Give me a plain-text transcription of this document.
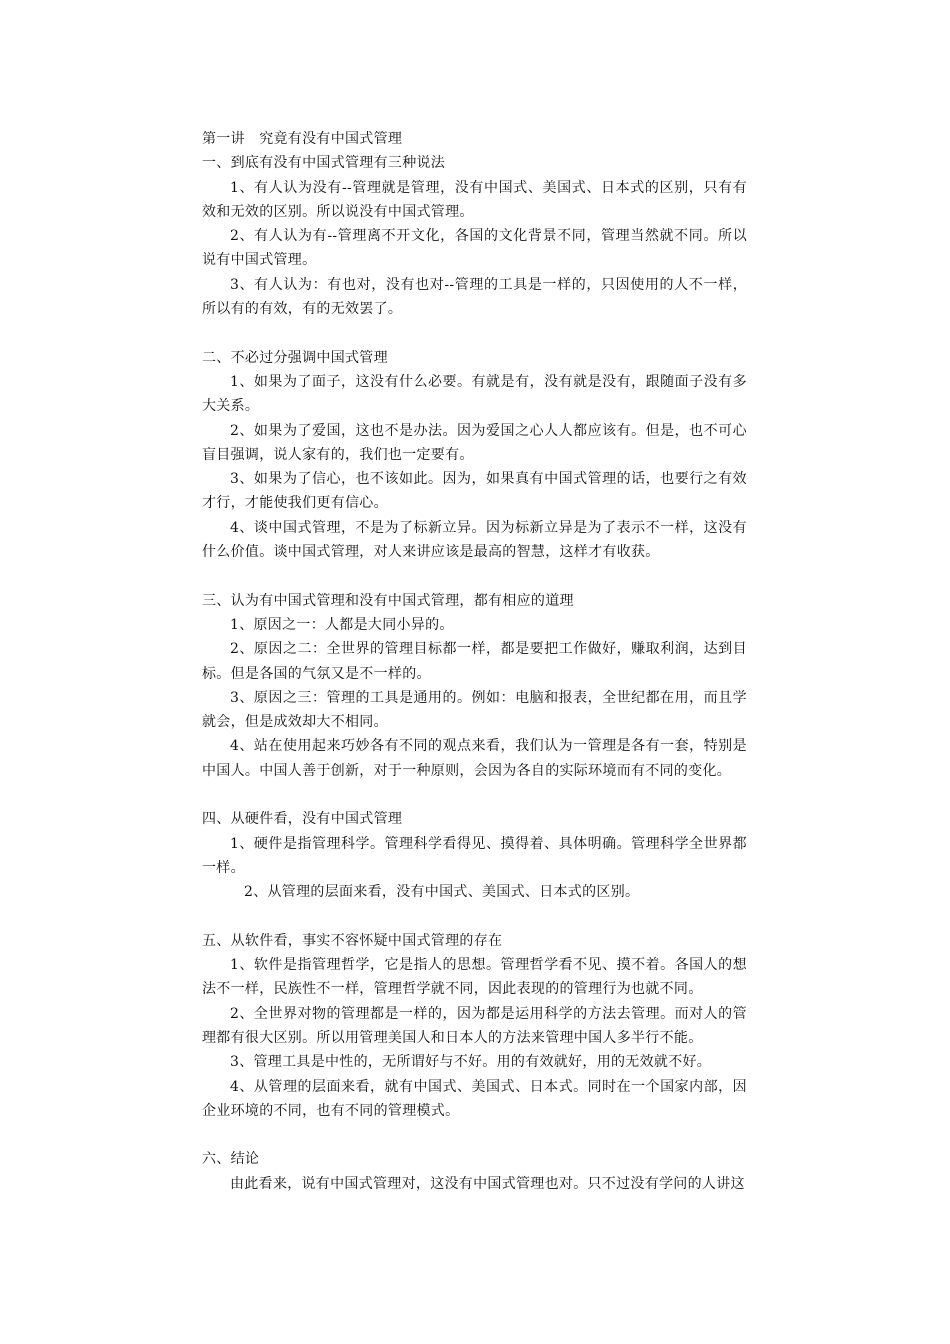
第一讲　究竟有没有中国式管理
一、到底有没有中国式管理有三种说法

1、有人认为没有--管理就是管理，没有中国式、美国式、日本式的区别，只有有效和无效的区别。所以说没有中国式管理。

2、有人认为有--管理离不开文化，各国的文化背景不同，管理当然就不同。所以说有中国式管理。

3、有人认为：有也对，没有也对--管理的工具是一样的，只因使用的人不一样，所以有的有效，有的无效罢了。

二、不必过分强调中国式管理

1、如果为了面子，这没有什么必要。有就是有，没有就是没有，跟随面子没有多大关系。

2、如果为了爱国，这也不是办法。因为爱国之心人人都应该有。但是，也不可心盲目强调，说人家有的，我们也一定要有。

3、如果为了信心，也不该如此。因为，如果真有中国式管理的话，也要行之有效才行，才能使我们更有信心。

4、谈中国式管理，不是为了标新立异。因为标新立异是为了表示不一样，这没有什么价值。谈中国式管理，对人来讲应该是最高的智慧，这样才有收获。

三、认为有中国式管理和没有中国式管理，都有相应的道理

1、原因之一：人都是大同小异的。

2、原因之二：全世界的管理目标都一样，都是要把工作做好，赚取利润，达到目标。但是各国的气氛又是不一样的。

3、原因之三：管理的工具是通用的。例如：电脑和报表，全世纪都在用，而且学就会，但是成效却大不相同。

4、站在使用起来巧妙各有不同的观点来看，我们认为一管理是各有一套，特别是中国人。中国人善于创新，对于一种原则，会因为各自的实际环境而有不同的变化。

四、从硬件看，没有中国式管理

1、硬件是指管理科学。管理科学看得见、摸得着、具体明确。管理科学全世界都一样。

2、从管理的层面来看，没有中国式、美国式、日本式的区别。

五、从软件看，事实不容怀疑中国式管理的存在

1、软件是指管理哲学，它是指人的思想。管理哲学看不见、摸不着。各国人的想法不一样，民族性不一样，管理哲学就不同，因此表现的的管理行为也就不同。

2、全世界对物的管理都是一样的，因为都是运用科学的方法去管理。而对人的管理都有很大区别。所以用管理美国人和日本人的方法来管理中国人多半行不能。

3、管理工具是中性的，无所谓好与不好。用的有效就好，用的无效就不好。

4、从管理的层面来看，就有中国式、美国式、日本式。同时在一个国家内部，因企业环境的不同，也有不同的管理模式。

六、结论

由此看来，说有中国式管理对，这没有中国式管理也对。只不过没有学问的人讲这
